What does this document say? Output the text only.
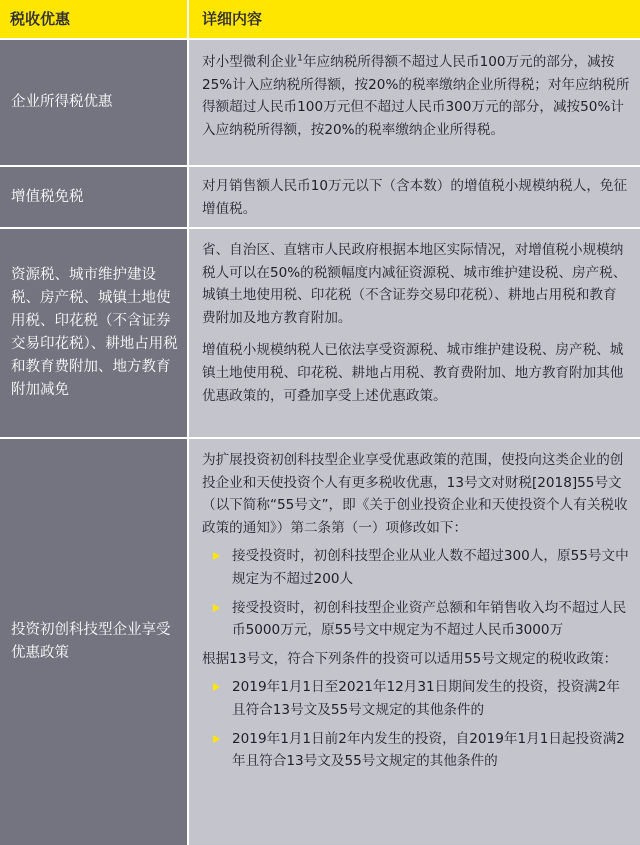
税收优惠	详细内容
企业所得税优惠

对小型微利企业$^1$年应纳税所得额不超过人民币100万元的部分，减按25%计入应纳税所得额，按20%的税率缴纳企业所得税；对年应纳税所得额超过人民币100万元但不超过人民币300万元的部分，减按50%计入应纳税所得额，按20%的税率缴纳企业所得税。

增值税免税

对月销售额人民币10万元以下（含本数）的增值税小规模纳税人，免征增值税。

资源税、城市维护建设税、房产税、城镇土地使用税、印花税（不含证券交易印花税）、耕地占用税和教育费附加、地方教育附加减免

省、自治区、直辖市人民政府根据本地区实际情况，对增值税小规模纳税人可以在50%的税额幅度内减征资源税、城市维护建设税、房产税、城镇土地使用税、印花税（不含证券交易印花税）、耕地占用税和教育费附加及地方教育附加。

增值税小规模纳税人已依法享受资源税、城市维护建设税、房产税、城镇土地使用税、印花税、耕地占用税、教育费附加、地方教育附加其他优惠政策的，可叠加享受上述优惠政策。

投资初创科技型企业享受优惠政策

为扩展投资初创科技型企业享受优惠政策的范围，使投向这类企业的创投企业和天使投资个人有更多税收优惠，13号文对财税[2018]55号文（以下简称“55号文”，即《关于创业投资企业和天使投资个人有关税收政策的通知》）第二条第（一）项修改如下：

接受投资时，初创科技型企业从业人数不超过300人，原55号文中规定为不超过200人
接受投资时，初创科技型企业资产总额和年销售收入均不超过人民币5000万元，原55号文中规定为不超过人民币3000万

根据13号文，符合下列条件的投资可以适用55号文规定的税收政策：

2019年1月1日至2021年12月31日期间发生的投资，投资满2年且符合13号文及55号文规定的其他条件的
2019年1月1日前2年内发生的投资，自2019年1月1日起投资满2年且符合13号文及55号文规定的其他条件的
